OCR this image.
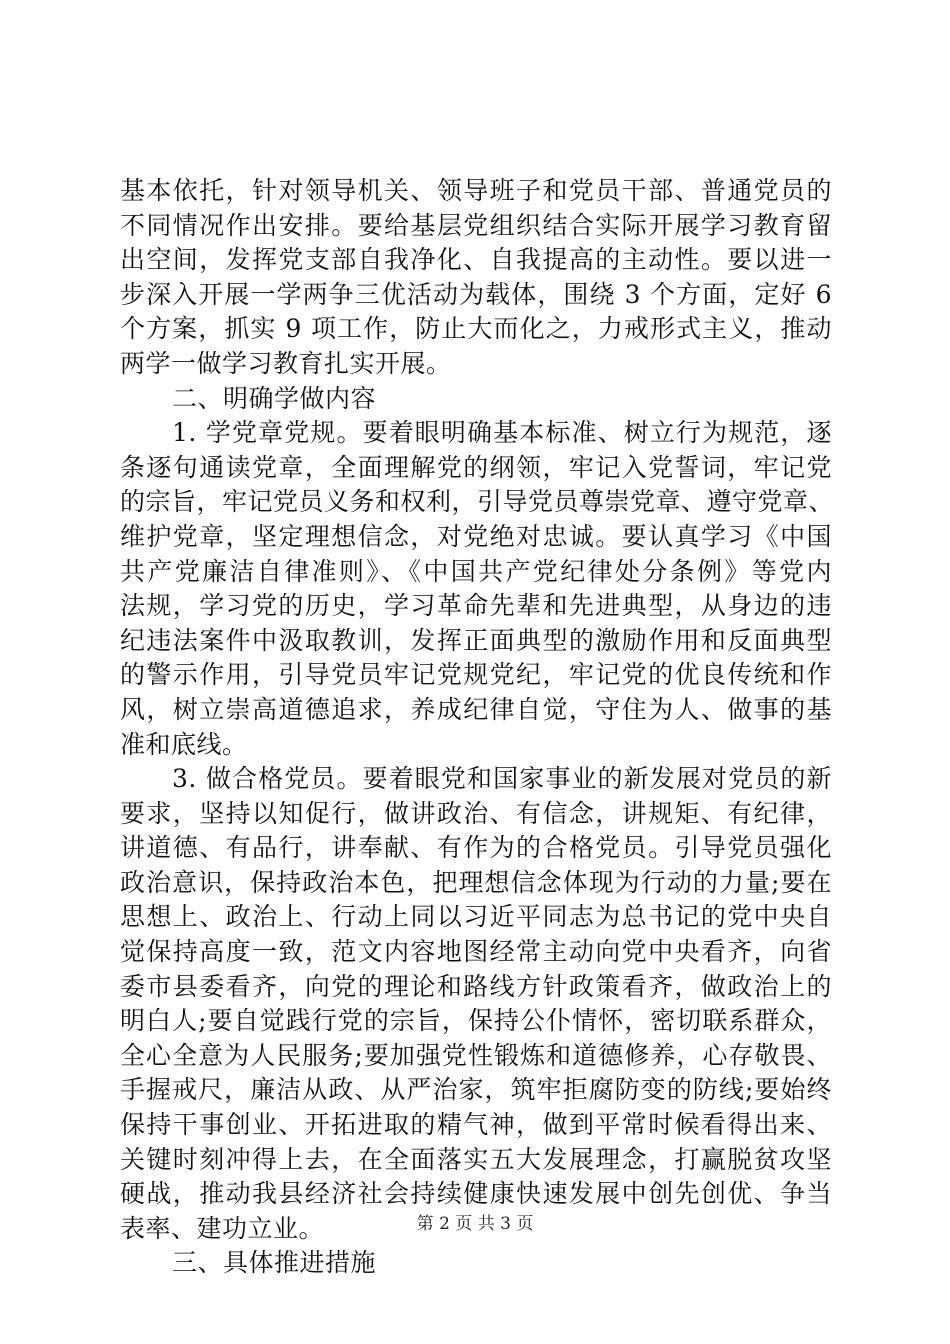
基本依托，针对领导机关、领导班子和党员干部、普通党员的
不同情况作出安排。要给基层党组织结合实际开展学习教育留
出空间，发挥党支部自我净化、自我提高的主动性。要以进一
步深入开展一学两争三优活动为载体，围绕 3 个方面，定好 6
个方案，抓实 9 项工作，防止大而化之，力戒形式主义，推动
两学一做学习教育扎实开展。
二、明确学做内容
1. 学党章党规。要着眼明确基本标准、树立行为规范，逐
条逐句通读党章，全面理解党的纲领，牢记入党誓词，牢记党
的宗旨，牢记党员义务和权利，引导党员尊崇党章、遵守党章、
维护党章，坚定理想信念，对党绝对忠诚。要认真学习《中国
共产党廉洁自律准则》、《中国共产党纪律处分条例》等党内
法规，学习党的历史，学习革命先辈和先进典型，从身边的违
纪违法案件中汲取教训，发挥正面典型的激励作用和反面典型
的警示作用，引导党员牢记党规党纪，牢记党的优良传统和作
风，树立崇高道德追求，养成纪律自觉，守住为人、做事的基
准和底线。
3. 做合格党员。要着眼党和国家事业的新发展对党员的新
要求，坚持以知促行，做讲政治、有信念，讲规矩、有纪律，
讲道德、有品行，讲奉献、有作为的合格党员。引导党员强化
政治意识，保持政治本色，把理想信念体现为行动的力量;要在
思想上、政治上、行动上同以习近平同志为总书记的党中央自
觉保持高度一致，范文内容地图经常主动向党中央看齐，向省
委市县委看齐，向党的理论和路线方针政策看齐，做政治上的
明白人;要自觉践行党的宗旨，保持公仆情怀，密切联系群众，
全心全意为人民服务;要加强党性锻炼和道德修养，心存敬畏、
手握戒尺，廉洁从政、从严治家，筑牢拒腐防变的防线;要始终
保持干事创业、开拓进取的精气神，做到平常时候看得出来、
关键时刻冲得上去，在全面落实五大发展理念，打赢脱贫攻坚
硬战，推动我县经济社会持续健康快速发展中创先创优、争当
表率、建功立业。
三、具体推进措施
第 2 页 共 3 页
